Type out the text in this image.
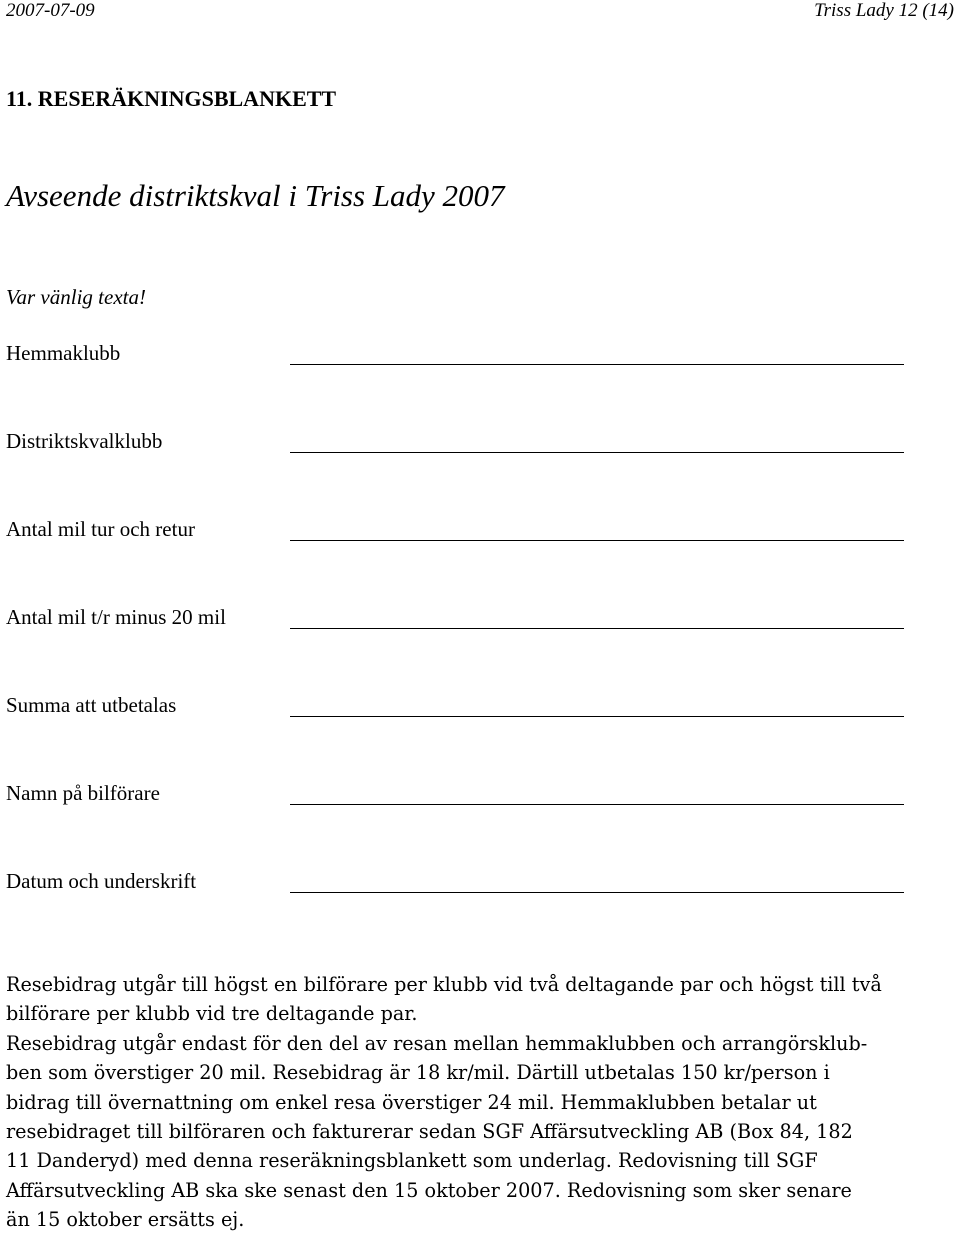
2007-07-09	Triss Lady 12 (14)
11. RESERÄKNINGSBLANKETT
Avseende distriktskval i Triss Lady 2007
Var vänlig texta!
Hemmaklubb
Distriktskvalklubb
Antal mil tur och retur
Antal mil t/r minus 20 mil
Summa att utbetalas
Namn på bilförare
Datum och underskrift
Resebidrag utgår till högst en bilförare per klubb vid två deltagande par och högst till två
bilförare per klubb vid tre deltagande par.
Resebidrag utgår endast för den del av resan mellan hemmaklubben och arrangörsklub-
ben som överstiger 20 mil. Resebidrag är 18 kr/mil. Därtill utbetalas 150 kr/person i
bidrag till övernattning om enkel resa överstiger 24 mil. Hemmaklubben betalar ut
resebidraget till bilföraren och fakturerar sedan SGF Affärsutveckling AB (Box 84, 182
11 Danderyd) med denna reseräkningsblankett som underlag. Redovisning till SGF
Affärsutveckling AB ska ske senast den 15 oktober 2007. Redovisning som sker senare
än 15 oktober ersätts ej.
